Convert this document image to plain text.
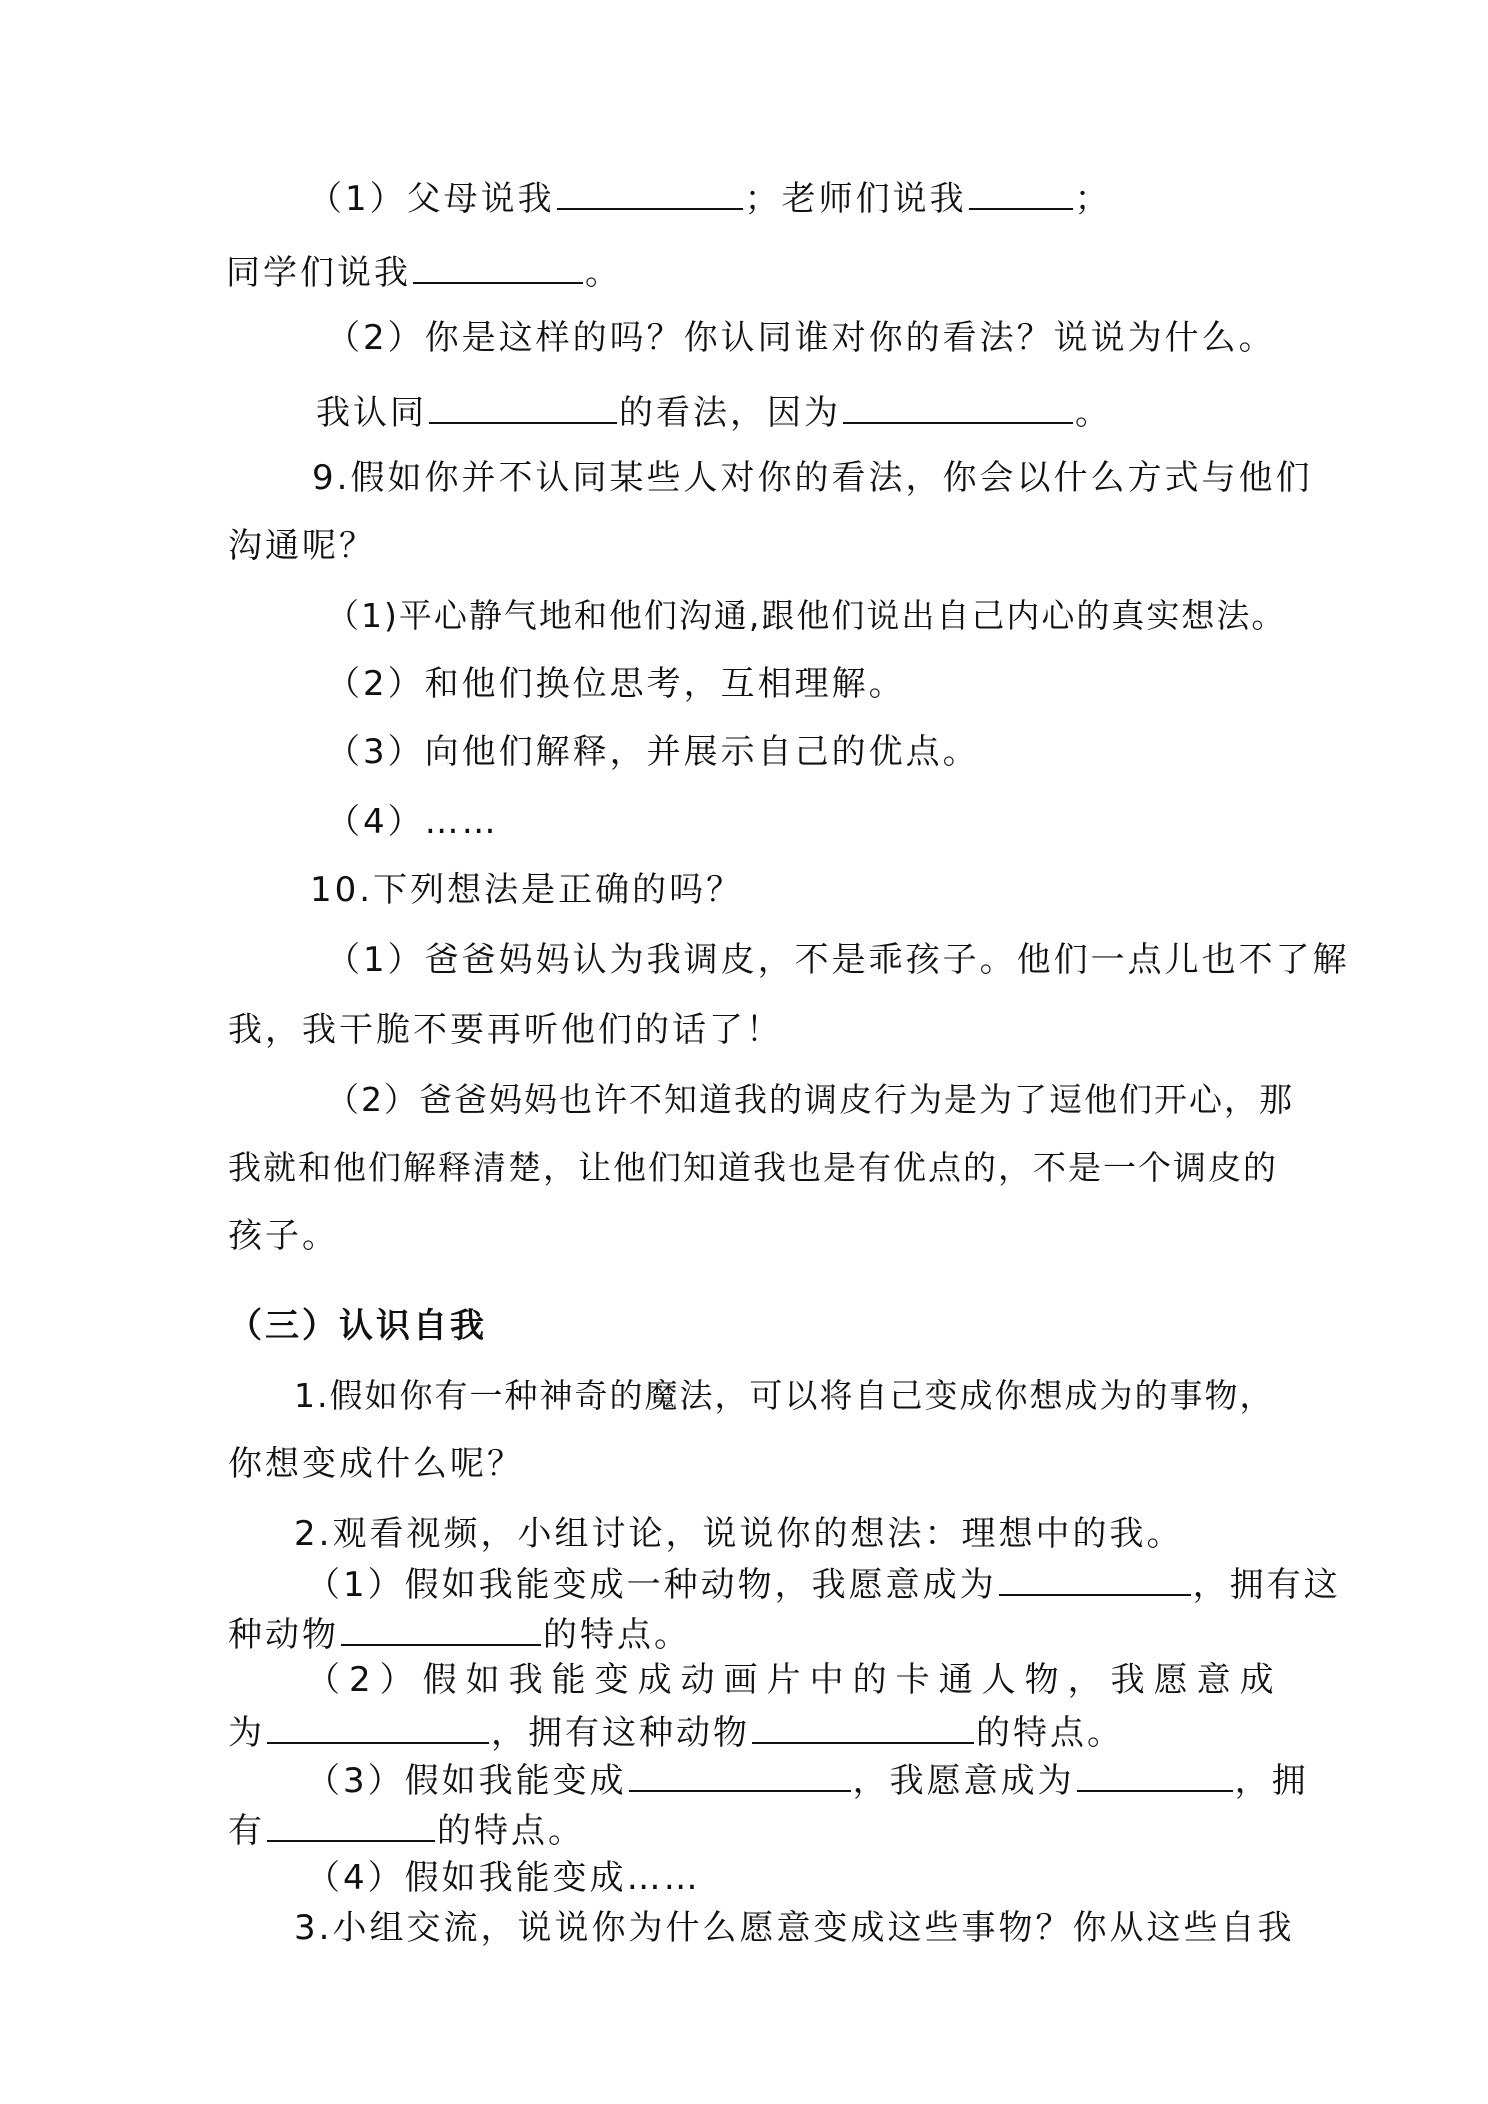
（1）父母说我	；老师们说我	；
同学们说我	。
（2）你是这样的吗？你认同谁对你的看法？说说为什么。
我认同	的看法，因为	。
9.假如你并不认同某些人对你的看法，你会以什么方式与他们
沟通呢？
（1)平心静气地和他们沟通,跟他们说出自己内心的真实想法。
（2）和他们换位思考，互相理解。
（3）向他们解释，并展示自己的优点。
（4）……
10.下列想法是正确的吗？
（1）爸爸妈妈认为我调皮，不是乖孩子。他们一点儿也不了解
我，我干脆不要再听他们的话了！
（2）爸爸妈妈也许不知道我的调皮行为是为了逗他们开心，那
我就和他们解释清楚，让他们知道我也是有优点的，不是一个调皮的
孩子。
（三）认识自我
1.假如你有一种神奇的魔法，可以将自己变成你想成为的事物，
你想变成什么呢？
2.观看视频，小组讨论，说说你的想法：理想中的我。
（1）假如我能变成一种动物，我愿意成为	，拥有这
种动物	的特点。
（2）假如我能变成动画片中的卡通人物，我愿意成
为	，拥有这种动物	的特点。
（3）假如我能变成	，我愿意成为	，拥
有	的特点。
（4）假如我能变成……
3.小组交流，说说你为什么愿意变成这些事物？你从这些自我
